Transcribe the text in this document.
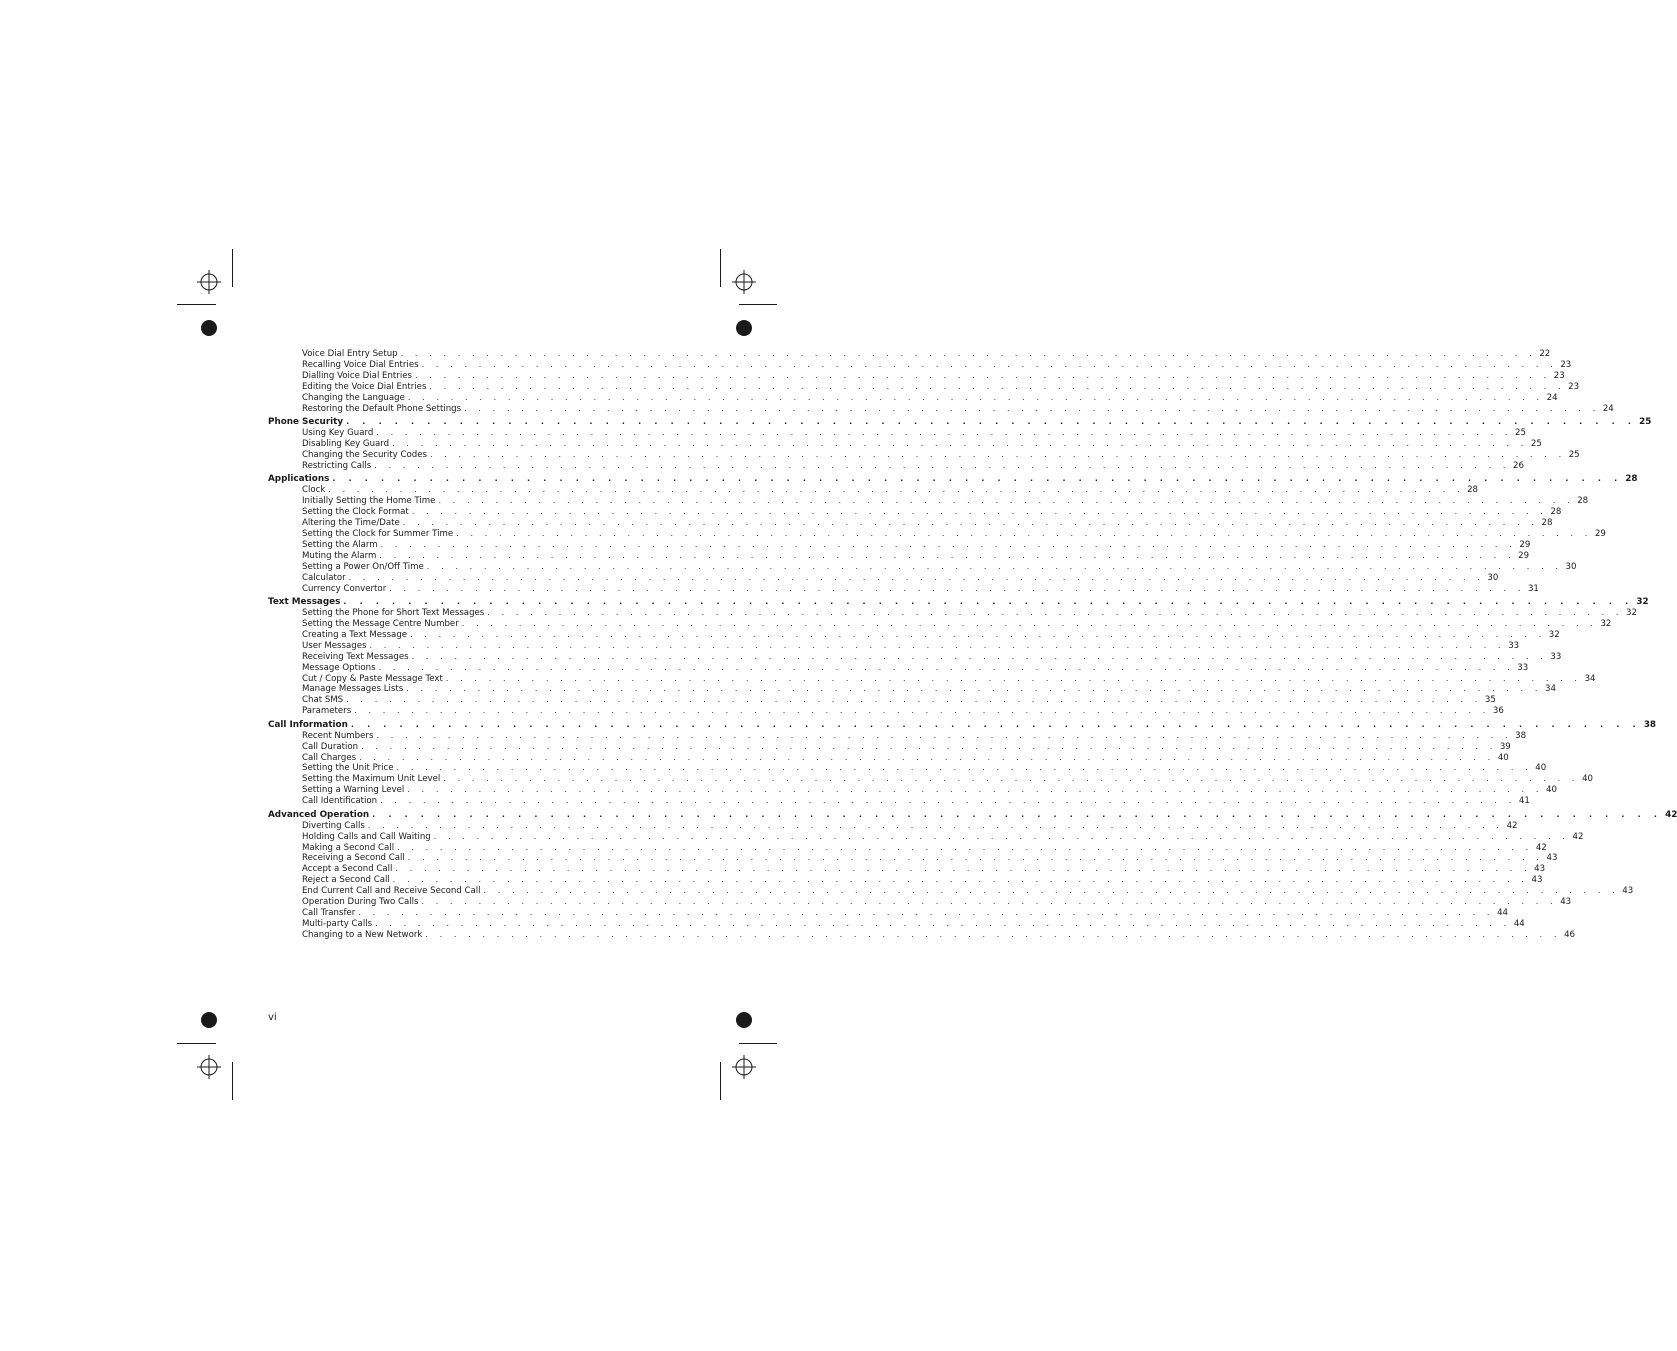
Voice Dial Entry Setup . . . . . . . . . . . . . . . . . . . . . . . . . . . . . . . . . . . . . . . . . . . . . . . . . . . . . . . . . . . . . . . . . . . . . . . . . . . . . . . . 22
Recalling Voice Dial Entries . . . . . . . . . . . . . . . . . . . . . . . . . . . . . . . . . . . . . . . . . . . . . . . . . . . . . . . . . . . . . . . . . . . . . . . . . . . . . . . . 23
Dialling Voice Dial Entries . . . . . . . . . . . . . . . . . . . . . . . . . . . . . . . . . . . . . . . . . . . . . . . . . . . . . . . . . . . . . . . . . . . . . . . . . . . . . . . . 23
Editing the Voice Dial Entries . . . . . . . . . . . . . . . . . . . . . . . . . . . . . . . . . . . . . . . . . . . . . . . . . . . . . . . . . . . . . . . . . . . . . . . . . . . . . . . . 23
Changing the Language . . . . . . . . . . . . . . . . . . . . . . . . . . . . . . . . . . . . . . . . . . . . . . . . . . . . . . . . . . . . . . . . . . . . . . . . . . . . . . . . 24
Restoring the Default Phone Settings . . . . . . . . . . . . . . . . . . . . . . . . . . . . . . . . . . . . . . . . . . . . . . . . . . . . . . . . . . . . . . . . . . . . . . . . . . . . . . . . 24
Phone Security . . . . . . . . . . . . . . . . . . . . . . . . . . . . . . . . . . . . . . . . . . . . . . . . . . . . . . . . . . . . . . . . . . . . . . . . . . . . . . . . 25
Using Key Guard . . . . . . . . . . . . . . . . . . . . . . . . . . . . . . . . . . . . . . . . . . . . . . . . . . . . . . . . . . . . . . . . . . . . . . . . . . . . . . . . 25
Disabling Key Guard . . . . . . . . . . . . . . . . . . . . . . . . . . . . . . . . . . . . . . . . . . . . . . . . . . . . . . . . . . . . . . . . . . . . . . . . . . . . . . . . 25
Changing the Security Codes . . . . . . . . . . . . . . . . . . . . . . . . . . . . . . . . . . . . . . . . . . . . . . . . . . . . . . . . . . . . . . . . . . . . . . . . . . . . . . . . 25
Restricting Calls . . . . . . . . . . . . . . . . . . . . . . . . . . . . . . . . . . . . . . . . . . . . . . . . . . . . . . . . . . . . . . . . . . . . . . . . . . . . . . . . 26
Applications . . . . . . . . . . . . . . . . . . . . . . . . . . . . . . . . . . . . . . . . . . . . . . . . . . . . . . . . . . . . . . . . . . . . . . . . . . . . . . . . 28
Clock . . . . . . . . . . . . . . . . . . . . . . . . . . . . . . . . . . . . . . . . . . . . . . . . . . . . . . . . . . . . . . . . . . . . . . . . . . . . . . . . 28
Initially Setting the Home Time . . . . . . . . . . . . . . . . . . . . . . . . . . . . . . . . . . . . . . . . . . . . . . . . . . . . . . . . . . . . . . . . . . . . . . . . . . . . . . . . 28
Setting the Clock Format . . . . . . . . . . . . . . . . . . . . . . . . . . . . . . . . . . . . . . . . . . . . . . . . . . . . . . . . . . . . . . . . . . . . . . . . . . . . . . . . 28
Altering the Time/Date . . . . . . . . . . . . . . . . . . . . . . . . . . . . . . . . . . . . . . . . . . . . . . . . . . . . . . . . . . . . . . . . . . . . . . . . . . . . . . . . 28
Setting the Clock for Summer Time . . . . . . . . . . . . . . . . . . . . . . . . . . . . . . . . . . . . . . . . . . . . . . . . . . . . . . . . . . . . . . . . . . . . . . . . . . . . . . . . 29
Setting the Alarm . . . . . . . . . . . . . . . . . . . . . . . . . . . . . . . . . . . . . . . . . . . . . . . . . . . . . . . . . . . . . . . . . . . . . . . . . . . . . . . . 29
Muting the Alarm . . . . . . . . . . . . . . . . . . . . . . . . . . . . . . . . . . . . . . . . . . . . . . . . . . . . . . . . . . . . . . . . . . . . . . . . . . . . . . . . 29
Setting a Power On/Off Time . . . . . . . . . . . . . . . . . . . . . . . . . . . . . . . . . . . . . . . . . . . . . . . . . . . . . . . . . . . . . . . . . . . . . . . . . . . . . . . . 30
Calculator . . . . . . . . . . . . . . . . . . . . . . . . . . . . . . . . . . . . . . . . . . . . . . . . . . . . . . . . . . . . . . . . . . . . . . . . . . . . . . . . 30
Currency Convertor . . . . . . . . . . . . . . . . . . . . . . . . . . . . . . . . . . . . . . . . . . . . . . . . . . . . . . . . . . . . . . . . . . . . . . . . . . . . . . . . 31
Text Messages . . . . . . . . . . . . . . . . . . . . . . . . . . . . . . . . . . . . . . . . . . . . . . . . . . . . . . . . . . . . . . . . . . . . . . . . . . . . . . . . 32
Setting the Phone for Short Text Messages . . . . . . . . . . . . . . . . . . . . . . . . . . . . . . . . . . . . . . . . . . . . . . . . . . . . . . . . . . . . . . . . . . . . . . . . . . . . . . . . 32
Setting the Message Centre Number . . . . . . . . . . . . . . . . . . . . . . . . . . . . . . . . . . . . . . . . . . . . . . . . . . . . . . . . . . . . . . . . . . . . . . . . . . . . . . . . 32
Creating a Text Message . . . . . . . . . . . . . . . . . . . . . . . . . . . . . . . . . . . . . . . . . . . . . . . . . . . . . . . . . . . . . . . . . . . . . . . . . . . . . . . . 32
User Messages . . . . . . . . . . . . . . . . . . . . . . . . . . . . . . . . . . . . . . . . . . . . . . . . . . . . . . . . . . . . . . . . . . . . . . . . . . . . . . . . 33
Receiving Text Messages . . . . . . . . . . . . . . . . . . . . . . . . . . . . . . . . . . . . . . . . . . . . . . . . . . . . . . . . . . . . . . . . . . . . . . . . . . . . . . . . 33
Message Options . . . . . . . . . . . . . . . . . . . . . . . . . . . . . . . . . . . . . . . . . . . . . . . . . . . . . . . . . . . . . . . . . . . . . . . . . . . . . . . . 33
Cut / Copy & Paste Message Text . . . . . . . . . . . . . . . . . . . . . . . . . . . . . . . . . . . . . . . . . . . . . . . . . . . . . . . . . . . . . . . . . . . . . . . . . . . . . . . . 34
Manage Messages Lists . . . . . . . . . . . . . . . . . . . . . . . . . . . . . . . . . . . . . . . . . . . . . . . . . . . . . . . . . . . . . . . . . . . . . . . . . . . . . . . . 34
Chat SMS . . . . . . . . . . . . . . . . . . . . . . . . . . . . . . . . . . . . . . . . . . . . . . . . . . . . . . . . . . . . . . . . . . . . . . . . . . . . . . . . 35
Parameters . . . . . . . . . . . . . . . . . . . . . . . . . . . . . . . . . . . . . . . . . . . . . . . . . . . . . . . . . . . . . . . . . . . . . . . . . . . . . . . . 36
Call Information . . . . . . . . . . . . . . . . . . . . . . . . . . . . . . . . . . . . . . . . . . . . . . . . . . . . . . . . . . . . . . . . . . . . . . . . . . . . . . . . 38
Recent Numbers . . . . . . . . . . . . . . . . . . . . . . . . . . . . . . . . . . . . . . . . . . . . . . . . . . . . . . . . . . . . . . . . . . . . . . . . . . . . . . . . 38
Call Duration . . . . . . . . . . . . . . . . . . . . . . . . . . . . . . . . . . . . . . . . . . . . . . . . . . . . . . . . . . . . . . . . . . . . . . . . . . . . . . . . 39
Call Charges . . . . . . . . . . . . . . . . . . . . . . . . . . . . . . . . . . . . . . . . . . . . . . . . . . . . . . . . . . . . . . . . . . . . . . . . . . . . . . . . 40
Setting the Unit Price . . . . . . . . . . . . . . . . . . . . . . . . . . . . . . . . . . . . . . . . . . . . . . . . . . . . . . . . . . . . . . . . . . . . . . . . . . . . . . . . 40
Setting the Maximum Unit Level . . . . . . . . . . . . . . . . . . . . . . . . . . . . . . . . . . . . . . . . . . . . . . . . . . . . . . . . . . . . . . . . . . . . . . . . . . . . . . . . 40
Setting a Warning Level . . . . . . . . . . . . . . . . . . . . . . . . . . . . . . . . . . . . . . . . . . . . . . . . . . . . . . . . . . . . . . . . . . . . . . . . . . . . . . . . 40
Call Identification . . . . . . . . . . . . . . . . . . . . . . . . . . . . . . . . . . . . . . . . . . . . . . . . . . . . . . . . . . . . . . . . . . . . . . . . . . . . . . . . 41
Advanced Operation . . . . . . . . . . . . . . . . . . . . . . . . . . . . . . . . . . . . . . . . . . . . . . . . . . . . . . . . . . . . . . . . . . . . . . . . . . . . . . . . 42
Diverting Calls . . . . . . . . . . . . . . . . . . . . . . . . . . . . . . . . . . . . . . . . . . . . . . . . . . . . . . . . . . . . . . . . . . . . . . . . . . . . . . . . 42
Holding Calls and Call Waiting . . . . . . . . . . . . . . . . . . . . . . . . . . . . . . . . . . . . . . . . . . . . . . . . . . . . . . . . . . . . . . . . . . . . . . . . . . . . . . . . 42
Making a Second Call . . . . . . . . . . . . . . . . . . . . . . . . . . . . . . . . . . . . . . . . . . . . . . . . . . . . . . . . . . . . . . . . . . . . . . . . . . . . . . . . 42
Receiving a Second Call . . . . . . . . . . . . . . . . . . . . . . . . . . . . . . . . . . . . . . . . . . . . . . . . . . . . . . . . . . . . . . . . . . . . . . . . . . . . . . . . 43
Accept a Second Call . . . . . . . . . . . . . . . . . . . . . . . . . . . . . . . . . . . . . . . . . . . . . . . . . . . . . . . . . . . . . . . . . . . . . . . . . . . . . . . . 43
Reject a Second Call . . . . . . . . . . . . . . . . . . . . . . . . . . . . . . . . . . . . . . . . . . . . . . . . . . . . . . . . . . . . . . . . . . . . . . . . . . . . . . . . 43
End Current Call and Receive Second Call . . . . . . . . . . . . . . . . . . . . . . . . . . . . . . . . . . . . . . . . . . . . . . . . . . . . . . . . . . . . . . . . . . . . . . . . . . . . . . . . 43
Operation During Two Calls . . . . . . . . . . . . . . . . . . . . . . . . . . . . . . . . . . . . . . . . . . . . . . . . . . . . . . . . . . . . . . . . . . . . . . . . . . . . . . . . 43
Call Transfer . . . . . . . . . . . . . . . . . . . . . . . . . . . . . . . . . . . . . . . . . . . . . . . . . . . . . . . . . . . . . . . . . . . . . . . . . . . . . . . . 44
Multi-party Calls . . . . . . . . . . . . . . . . . . . . . . . . . . . . . . . . . . . . . . . . . . . . . . . . . . . . . . . . . . . . . . . . . . . . . . . . . . . . . . . . 44
Changing to a New Network . . . . . . . . . . . . . . . . . . . . . . . . . . . . . . . . . . . . . . . . . . . . . . . . . . . . . . . . . . . . . . . . . . . . . . . . . . . . . . . . 46
vi
